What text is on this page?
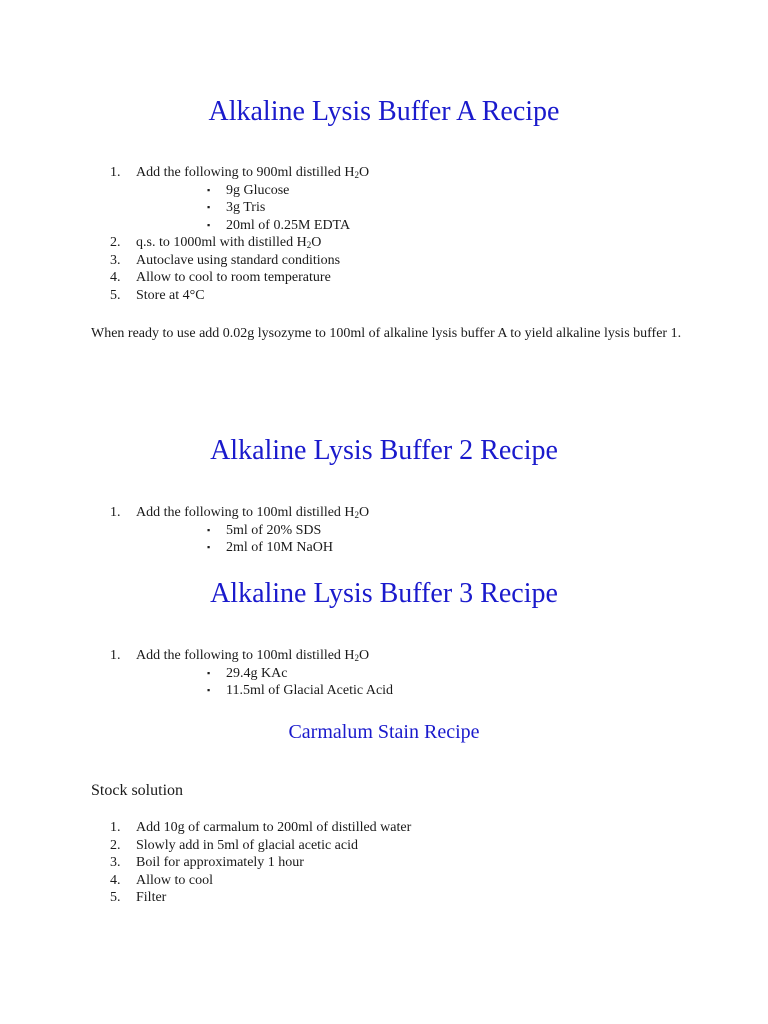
Alkaline Lysis Buffer A Recipe
1.	Add the following to 900ml distilled $H_2O$
▪ 9g Glucose
▪ 3g Tris
▪ 20ml of 0.25M EDTA
2.	q.s. to 1000ml with distilled $H_2O$
3.	Autoclave using standard conditions
4.	Allow to cool to room temperature
5.	Store at 4°C

When ready to use add 0.02g lysozyme to 100ml of alkaline lysis buffer A to yield alkaline lysis buffer 1.

Alkaline Lysis Buffer 2 Recipe
1.	Add the following to 100ml distilled $H_2O$
▪ 5ml of 20% SDS
▪ 2ml of 10M NaOH
Alkaline Lysis Buffer 3 Recipe
1.	Add the following to 100ml distilled $H_2O$
▪ 29.4g KAc
▪ 11.5ml of Glacial Acetic Acid
Carmalum Stain Recipe

Stock solution

1.	Add 10g of carmalum to 200ml of distilled water
2.	Slowly add in 5ml of glacial acetic acid
3.	Boil for approximately 1 hour
4.	Allow to cool
5.	Filter
